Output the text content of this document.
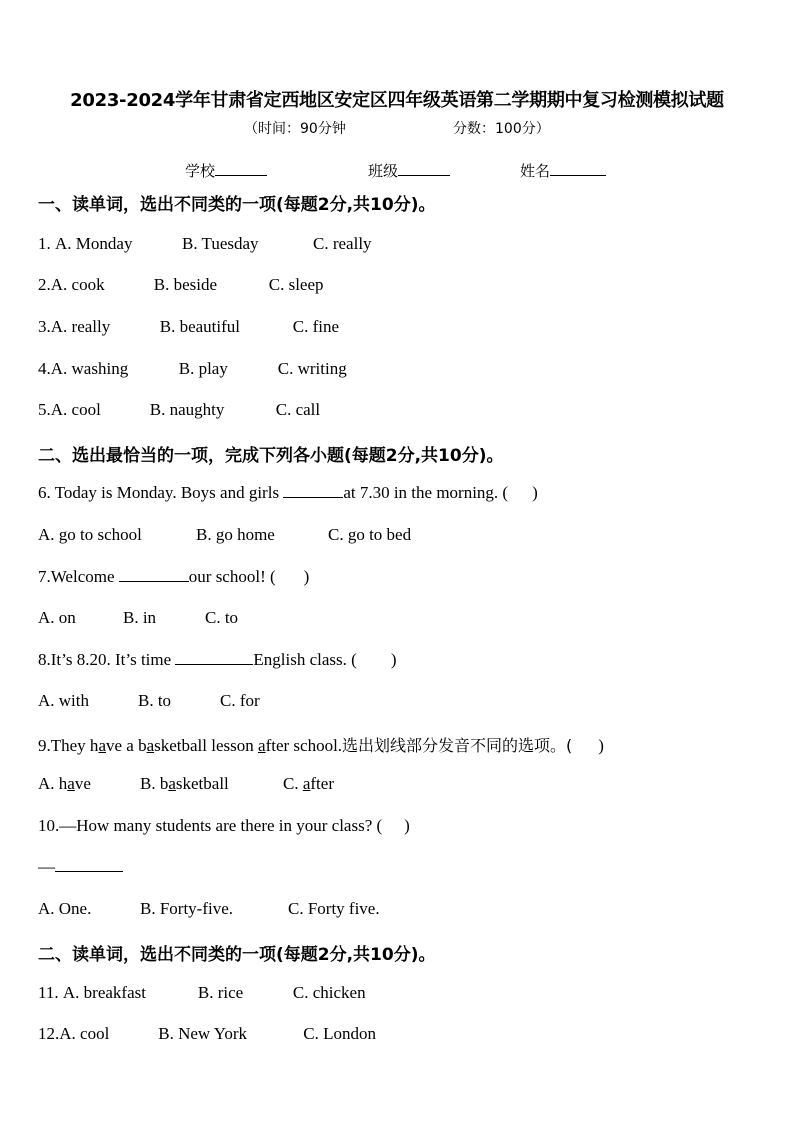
2023-2024学年甘肃省定西地区安定区四年级英语第二学期期中复习检测模拟试题
（时间：90分钟	分数：100分）
学校	班级	姓名
一、读单词，选出不同类的一项(每题2分,共10分)。
1. A. Monday	B. Tuesday	C. really
2.A. cook	B. beside	C. sleep
3.A. really	B. beautiful	C. fine
4.A. washing	B. play	C. writing
5.A. cool	B. naughty	C. call
二、选出最恰当的一项，完成下列各小题(每题2分,共10分)。
6. Today is Monday. Boys and girls	at 7.30 in the morning. ( )
A. go to school	B. go home	C. go to bed
7.Welcome	our school! ( )
A. on	B. in	C. to
8.It’s 8.20. It’s time	English class. ( )
A. with	B. to	C. for
9.They have a basketball lesson after school.选出划线部分发音不同的选项。( )
A. have	B. basketball	C. after
10.—How many students are there in your class? ( )
—
A. One.	B. Forty-five.	C. Forty five.
二、读单词，选出不同类的一项(每题2分,共10分)。
11. A. breakfast	B. rice	C. chicken
12.A. cool	B. New York	C. London
